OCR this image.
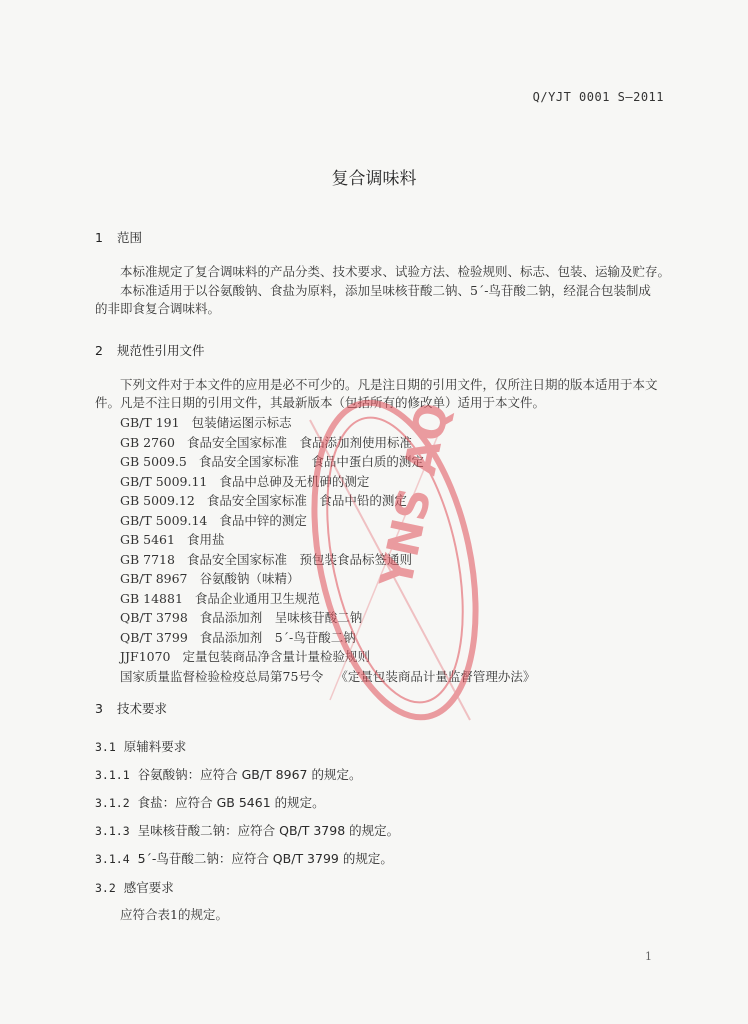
Q/YJT 0001 S—2011
复合调味料
1 范围
本标准规定了复合调味料的产品分类、技术要求、试验方法、检验规则、标志、包装、运输及贮存。
本标准适用于以谷氨酸钠、食盐为原料，添加呈味核苷酸二钠、5´-鸟苷酸二钠，经混合包装制成
的非即食复合调味料。
2 规范性引用文件
下列文件对于本文件的应用是必不可少的。凡是注日期的引用文件，仅所注日期的版本适用于本文
件。凡是不注日期的引用文件，其最新版本（包括所有的修改单）适用于本文件。
GB/T 191 包装储运图示标志
GB 2760 食品安全国家标准　食品添加剂使用标准
GB 5009.5 食品安全国家标准　食品中蛋白质的测定
GB/T 5009.11 食品中总砷及无机砷的测定
GB 5009.12 食品安全国家标准　食品中铅的测定
GB/T 5009.14 食品中锌的测定
GB 5461 食用盐
GB 7718 食品安全国家标准　预包装食品标签通则
GB/T 8967 谷氨酸钠（味精）
GB 14881 食品企业通用卫生规范
QB/T 3798 食品添加剂　呈味核苷酸二钠
QB/T 3799 食品添加剂　5´-鸟苷酸二钠
JJF1070 定量包装商品净含量计量检验规则
国家质量监督检验检疫总局第75号令 《定量包装商品计量监督管理办法》
3 技术要求
3.1 原辅料要求
3.1.1 谷氨酸钠：应符合 GB/T 8967 的规定。
3.1.2 食盐：应符合 GB 5461 的规定。
3.1.3 呈味核苷酸二钠：应符合 QB/T 3798 的规定。
3.1.4 5´-鸟苷酸二钠：应符合 QB/T 3799 的规定。
3.2 感官要求
应符合表1的规定。
1
YNS AQ
